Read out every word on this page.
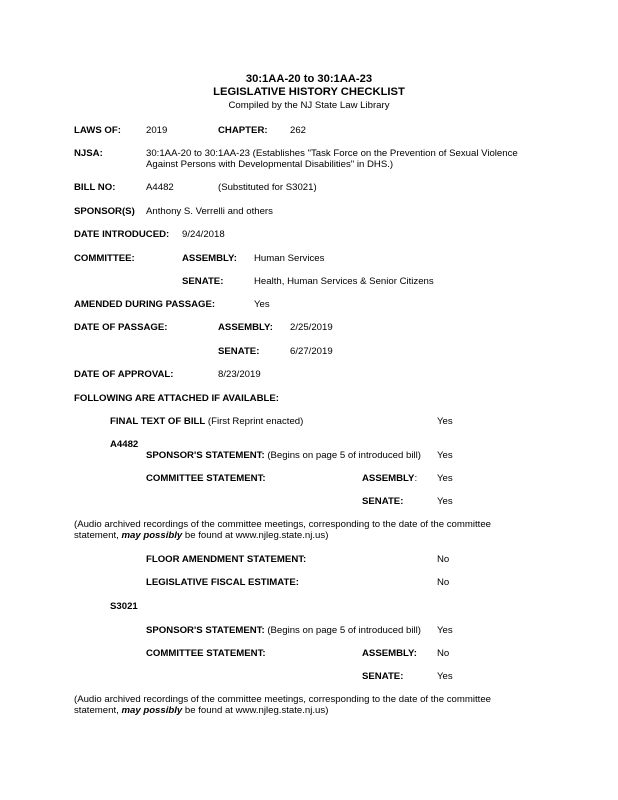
30:1AA-20 to 30:1AA-23
LEGISLATIVE HISTORY CHECKLIST
Compiled by the NJ State Law Library
LAWS OF:	2019	CHAPTER: 262
NJSA:	30:1AA-20 to 30:1AA-23 (Establishes "Task Force on the Prevention of Sexual Violence
Against Persons with Developmental Disabilities" in DHS.)
BILL NO:	A4482	(Substituted for S3021)
SPONSOR(S) Anthony S. Verrelli and others
DATE INTRODUCED: 9/24/2018
COMMITTEE:	ASSEMBLY: Human Services
SENATE:	Health, Human Services & Senior Citizens
AMENDED DURING PASSAGE:	Yes
DATE OF PASSAGE:	ASSEMBLY: 2/25/2019
SENATE:	6/27/2019
DATE OF APPROVAL:	8/23/2019
FOLLOWING ARE ATTACHED IF AVAILABLE:
FINAL TEXT OF BILL (First Reprint enacted)	Yes
A4482
SPONSOR'S STATEMENT: (Begins on page 5 of introduced bill) Yes
COMMITTEE STATEMENT:	ASSEMBLY: Yes
SENATE:	Yes
(Audio archived recordings of the committee meetings, corresponding to the date of the committee
statement, may possibly be found at www.njleg.state.nj.us)
FLOOR AMENDMENT STATEMENT:	No
LEGISLATIVE FISCAL ESTIMATE:	No
S3021
SPONSOR'S STATEMENT: (Begins on page 5 of introduced bill) Yes
COMMITTEE STATEMENT:	ASSEMBLY: No
SENATE:	Yes
(Audio archived recordings of the committee meetings, corresponding to the date of the committee
statement, may possibly be found at www.njleg.state.nj.us)
